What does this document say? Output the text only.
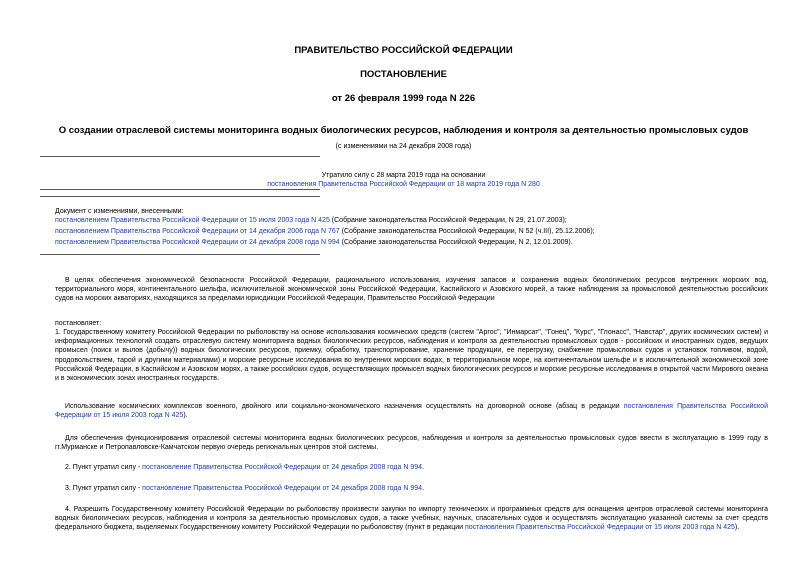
ПРАВИТЕЛЬСТВО РОССИЙСКОЙ ФЕДЕРАЦИИ
ПОСТАНОВЛЕНИЕ
от 26 февраля 1999 года N 226
О создании отраслевой системы мониторинга водных биологических ресурсов, наблюдения и контроля за деятельностью промысловых судов
(с изменениями на 24 декабря 2008 года)
Утратило силу с 28 марта 2019 года на основании
постановления Правительства Российской Федерации от 18 марта 2019 года N 280
Документ с изменениями, внесенными:
постановлением Правительства Российской Федерации от 15 июля 2003 года N 425 (Собрание законодательства Российской Федерации, N 29, 21.07.2003);
постановлением Правительства Российской Федерации от 14 декабря 2006 года N 767 (Собрание законодательства Российской Федерации, N 52 (ч.III), 25.12.2006);
постановлением Правительства Российской Федерации от 24 декабря 2008 года N 994 (Собрание законодательства Российской Федерации, N 2, 12.01.2009).
В целях обеспечения экономической безопасности Российской Федерации, рационального использования, изучения запасов и сохранения водных биологических ресурсов внутренних морских вод, территориального моря, континентального шельфа, исключительной экономической зоны Российской Федерации, Каспийского и Азовского морей, а также наблюдения за промысловой деятельностью российских судов на морских акваториях, находящихся за пределами юрисдикции Российской Федерации, Правительство Российской Федерации
постановляет:
1. Государственному комитету Российской Федерации по рыболовству на основе использования космических средств (систем "Аргос", "Инмарсат", "Гонец", "Курс", "Глонасс", "Навстар", других космических систем) и информационных технологий создать отраслевую систему мониторинга водных биологических ресурсов, наблюдения и контроля за деятельностью промысловых судов - российских и иностранных судов, ведущих промысел (поиск и вылов (добычу)) водных биологических ресурсов, приемку, обработку, транспортирование, хранение продукции, ее перегрузку, снабжение промысловых судов и установок топливом, водой, продовольствием, тарой и другими материалами) и морские ресурсные исследования во внутренних морских водах, в территориальном море, на континентальном шельфе и в исключительной экономической зоне Российской Федерации, в Каспийском и Азовском морях, а также российских судов, осуществляющих промысел водных биологических ресурсов и морские ресурсные исследования в открытой части Мирового океана и в экономических зонах иностранных государств.
Использование космических комплексов военного, двойного или социально-экономического назначения осуществлять на договорной основе (абзац в редакции постановления Правительства Российской Федерации от 15 июля 2003 года N 425).
Для обеспечения функционирования отраслевой системы мониторинга водных биологических ресурсов, наблюдения и контроля за деятельностью промысловых судов ввести в эксплуатацию в 1999 году в гг.Мурманске и Петропавловске-Камчатском первую очередь региональных центров этой системы.
2. Пункт утратил силу - постановление Правительства Российской Федерации от 24 декабря 2008 года N 994.
3. Пункт утратил силу - постановление Правительства Российской Федерации от 24 декабря 2008 года N 994.
4. Разрешить Государственному комитету Российской Федерации по рыболовству произвести закупки по импорту технических и программных средств для оснащения центров отраслевой системы мониторинга водных биологических ресурсов, наблюдения и контроля за деятельностью промысловых судов, а также учебных, научных, спасательных судов и осуществлять эксплуатацию указанной системы за счет средств федерального бюджета, выделяемых Государственному комитету Российской Федерации по рыболовству (пункт в редакции постановления Правительства Российской Федерации от 15 июля 2003 года N 425).
